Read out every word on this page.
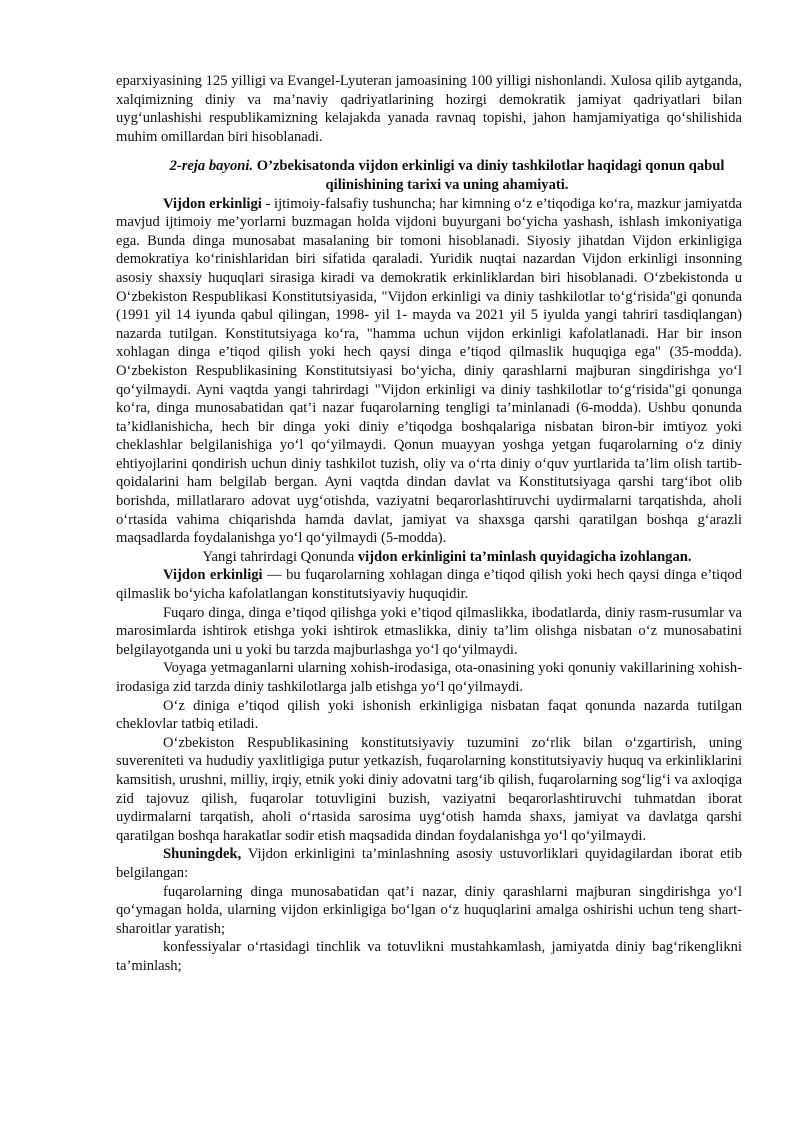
eparxiyasining 125 yilligi va Evangel-Lyuteran jamoasining 100 yilligi nishonlandi. Xulosa qilib aytganda, xalqimizning diniy va ma’naviy qadriyatlarining hozirgi demokratik jamiyat qadriyatlari bilan uyg‘unlashishi respublikamizning kelajakda yanada ravnaq topishi, jahon hamjamiyatiga qo‘shilishida muhim omillardan biri hisoblanadi.

2-reja bayoni. O’zbekisatonda vijdon erkinligi va diniy tashkilotlar haqidagi qonun qabul qilinishining tarixi va uning ahamiyati.

Vijdon erkinligi - ijtimoiy-falsafiy tushuncha; har kimning o‘z e’tiqodiga ko‘ra, mazkur jamiyatda mavjud ijtimoiy me’yorlarni buzmagan holda vijdoni buyurgani bo‘yicha yashash, ishlash imkoniyatiga ega. Bunda dinga munosabat masalaning bir tomoni hisoblanadi. Siyosiy jihatdan Vijdon erkinligiga demokratiya ko‘rinishlaridan biri sifatida qaraladi. Yuridik nuqtai nazardan Vijdon erkinligi insonning asosiy shaxsiy huquqlari sirasiga kiradi va demokratik erkinliklardan biri hisoblanadi. O‘zbekistonda u O‘zbekiston Respublikasi Konstitutsiyasida, "Vijdon erkinligi va diniy tashkilotlar to‘g‘risida"gi qonunda (1991 yil 14 iyunda qabul qilingan, 1998- yil 1- mayda va 2021 yil 5 iyulda yangi tahriri tasdiqlangan) nazarda tutilgan. Konstitutsiyaga ko‘ra, "hamma uchun vijdon erkinligi kafolatlanadi. Har bir inson xohlagan dinga e’tiqod qilish yoki hech qaysi dinga e’tiqod qilmaslik huquqiga ega" (35-modda). O‘zbekiston Respublikasining Konstitutsiyasi bo‘yicha, diniy qarashlarni majburan singdirishga yo‘l qo‘yilmaydi. Ayni vaqtda yangi tahrirdagi "Vijdon erkinligi va diniy tashkilotlar to‘g‘risida"gi qonunga ko‘ra, dinga munosabatidan qat’i nazar fuqarolarning tengligi ta’minlanadi (6-modda). Ushbu qonunda ta’kidlanishicha, hech bir dinga yoki diniy e’tiqodga boshqalariga nisbatan biron-bir imtiyoz yoki cheklashlar belgilanishiga yo‘l qo‘yilmaydi. Qonun muayyan yoshga yetgan fuqarolarning o‘z diniy ehtiyojlarini qondirish uchun diniy tashkilot tuzish, oliy va o‘rta diniy o‘quv yurtlarida ta’lim olish tartib-qoidalarini ham belgilab bergan. Ayni vaqtda dindan davlat va Konstitutsiyaga qarshi targ‘ibot olib borishda, millatlararo adovat uyg‘otishda, vaziyatni beqarorlashtiruvchi uydirmalarni tarqatishda, aholi o‘rtasida vahima chiqarishda hamda davlat, jamiyat va shaxsga qarshi qaratilgan boshqa g‘arazli maqsadlarda foydalanishga yo‘l qo‘yilmaydi (5-modda).

Yangi tahrirdagi Qonunda vijdon erkinligini ta’minlash quyidagicha izohlangan.

Vijdon erkinligi — bu fuqarolarning xohlagan dinga e’tiqod qilish yoki hech qaysi dinga e’tiqod qilmaslik bo‘yicha kafolatlangan konstitutsiyaviy huquqidir.

Fuqaro dinga, dinga e’tiqod qilishga yoki e’tiqod qilmaslikka, ibodatlarda, diniy rasm-rusumlar va marosimlarda ishtirok etishga yoki ishtirok etmaslikka, diniy ta’lim olishga nisbatan o‘z munosabatini belgilayotganda uni u yoki bu tarzda majburlashga yo‘l qo‘yilmaydi.

Voyaga yetmaganlarni ularning xohish-irodasiga, ota-onasining yoki qonuniy vakillarining xohish-irodasiga zid tarzda diniy tashkilotlarga jalb etishga yo‘l qo‘yilmaydi.

O‘z diniga e’tiqod qilish yoki ishonish erkinligiga nisbatan faqat qonunda nazarda tutilgan cheklovlar tatbiq etiladi.

O‘zbekiston Respublikasining konstitutsiyaviy tuzumini zo‘rlik bilan o‘zgartirish, uning suvereniteti va hududiy yaxlitligiga putur yetkazish, fuqarolarning konstitutsiyaviy huquq va erkinliklarini kamsitish, urushni, milliy, irqiy, etnik yoki diniy adovatni targ‘ib qilish, fuqarolarning sog‘lig‘i va axloqiga zid tajovuz qilish, fuqarolar totuvligini buzish, vaziyatni beqarorlashtiruvchi tuhmatdan iborat uydirmalarni tarqatish, aholi o‘rtasida sarosima uyg‘otish hamda shaxs, jamiyat va davlatga qarshi qaratilgan boshqa harakatlar sodir etish maqsadida dindan foydalanishga yo‘l qo‘yilmaydi.

Shuningdek, Vijdon erkinligini ta’minlashning asosiy ustuvorliklari quyidagilardan iborat etib belgilangan:

fuqarolarning dinga munosabatidan qat’i nazar, diniy qarashlarni majburan singdirishga yo‘l qo‘ymagan holda, ularning vijdon erkinligiga bo‘lgan o‘z huquqlarini amalga oshirishi uchun teng shart-sharoitlar yaratish;

konfessiyalar o‘rtasidagi tinchlik va totuvlikni mustahkamlash, jamiyatda diniy bag‘rikenglikni ta’minlash;
